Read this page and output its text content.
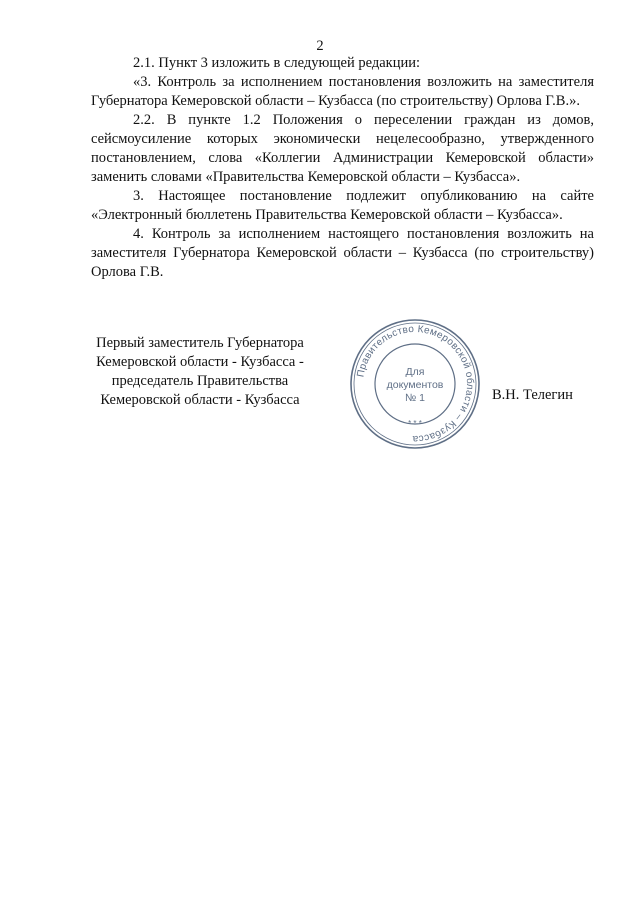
2

2.1. Пункт 3 изложить в следующей редакции:

«3. Контроль за исполнением постановления возложить на заместителя Губернатора Кемеровской области – Кузбасса (по строительству) Орлова Г.В.».

2.2. В пункте 1.2 Положения о переселении граждан из домов, сейсмоусиление которых экономически нецелесообразно, утвержденного постановлением, слова «Коллегии Администрации Кемеровской области» заменить словами «Правительства Кемеровской области – Кузбасса».

3. Настоящее постановление подлежит опубликованию на сайте «Электронный бюллетень Правительства Кемеровской области – Кузбасса».

4. Контроль за исполнением настоящего постановления возложить на заместителя Губернатора Кемеровской области – Кузбасса (по строительству) Орлова Г.В.

Первый заместитель Губернатора
Кемеровской области - Кузбасса -
председатель Правительства
Кемеровской области - Кузбасса
Правительство Кемеровской области – Кузбасса
* * *
Для
документов
№ 1	В.Н. Телегин
